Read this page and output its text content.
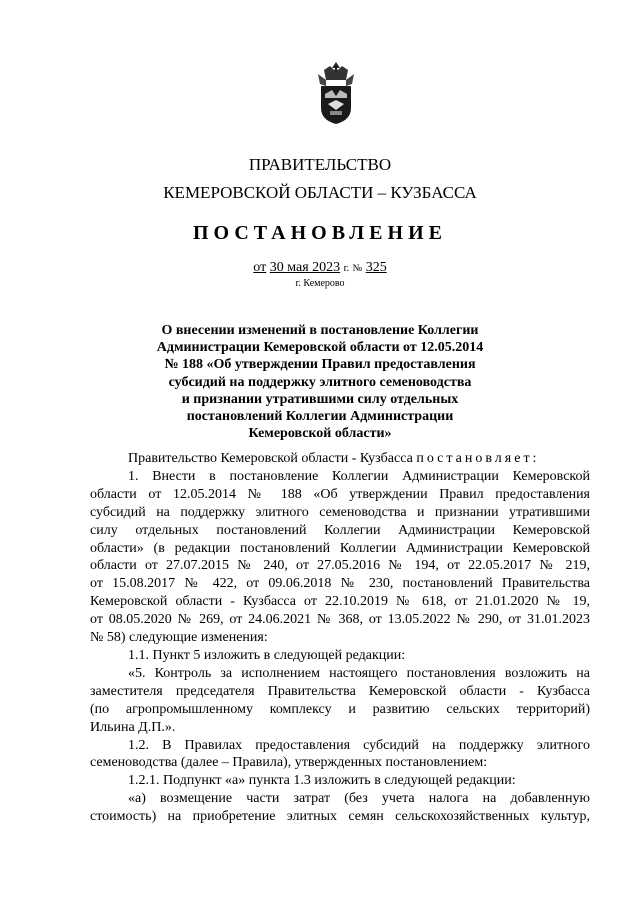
ПРАВИТЕЛЬСТВО
КЕМЕРОВСКОЙ ОБЛАСТИ – КУЗБАССА
ПОСТАНОВЛЕНИЕ
от 30 мая 2023 г. № 325
г. Кемерово
О внесении изменений в постановление Коллегии
Администрации Кемеровской области от 12.05.2014
№ 188 «Об утверждении Правил предоставления
субсидий на поддержку элитного семеноводства
и признании утратившими силу отдельных
постановлений Коллегии Администрации
Кемеровской области»
Правительство Кемеровской области - Кузбасса постановляет:
1. Внести в постановление Коллегии Администрации Кемеровской
области от 12.05.2014 № 188 «Об утверждении Правил предоставления
субсидий на поддержку элитного семеноводства и признании утратившими
силу отдельных постановлений Коллегии Администрации Кемеровской
области» (в редакции постановлений Коллегии Администрации Кемеровской
области от 27.07.2015 № 240, от 27.05.2016 № 194, от 22.05.2017 № 219,
от 15.08.2017 № 422, от 09.06.2018 № 230, постановлений Правительства
Кемеровской области - Кузбасса от 22.10.2019 № 618, от 21.01.2020 № 19,
от 08.05.2020 № 269, от 24.06.2021 № 368, от 13.05.2022 № 290, от 31.01.2023
№ 58) следующие изменения:
1.1. Пункт 5 изложить в следующей редакции:
«5. Контроль за исполнением настоящего постановления возложить на
заместителя председателя Правительства Кемеровской области - Кузбасса
(по агропромышленному комплексу и развитию сельских территорий)
Ильина Д.П.».
1.2. В Правилах предоставления субсидий на поддержку элитного
семеноводства (далее – Правила), утвержденных постановлением:
1.2.1. Подпункт «а» пункта 1.3 изложить в следующей редакции:
«а) возмещение части затрат (без учета налога на добавленную
стоимость) на приобретение элитных семян сельскохозяйственных культур,
